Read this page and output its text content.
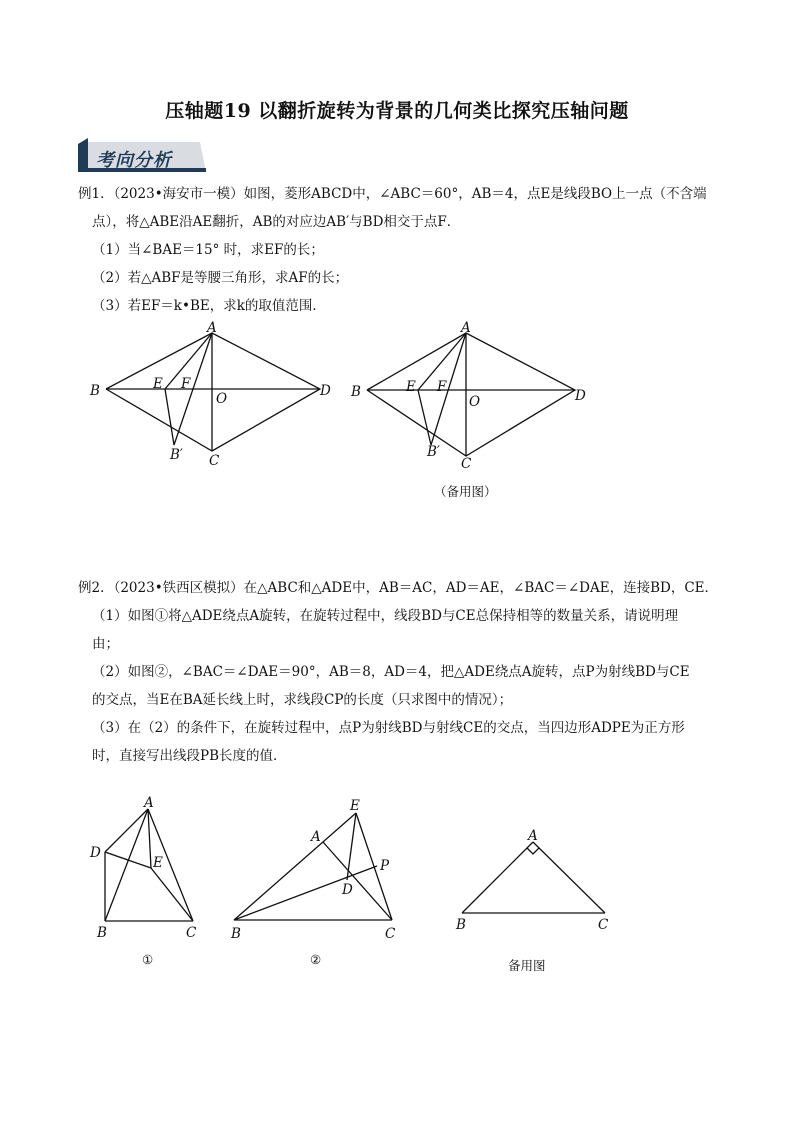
压轴题19 以翻折旋转为背景的几何类比探究压轴问题
考向分析
例1．（2023•海安市一模）如图，菱形ABCD中，∠ABC＝60°，AB＝4，点E是线段BO上一点（不含端
点），将△ABE沿AE翻折，AB的对应边AB′与BD相交于点F．
（1）当∠BAE＝15° 时，求EF的长；
（2）若△ABF是等腰三角形，求AF的长；
（3）若EF＝k•BE，求k的取值范围．
A
B	E F
O	D
B′ C
A
B	E F
O	D
B′
C
（备用图）
例2．（2023•铁西区模拟）在△ABC和△ADE中，AB＝AC，AD＝AE，∠BAC＝∠DAE，连接BD，CE．
（1）如图①将△ADE绕点A旋转，在旋转过程中，线段BD与CE总保持相等的数量关系，请说明理
由；
（2）如图②，∠BAC＝∠DAE＝90°，AB＝8，AD＝4，把△ADE绕点A旋转，点P为射线BD与CE
的交点，当E在BA延长线上时，求线段CP的长度（只求图中的情况）；
（3）在（2）的条件下，在旋转过程中，点P为射线BD与射线CE的交点，当四边形ADPE为正方形
时，直接写出线段PB长度的值．
A
D
E
B	C
①
E
A
P
D
B	C
②
A
B	C
备用图
